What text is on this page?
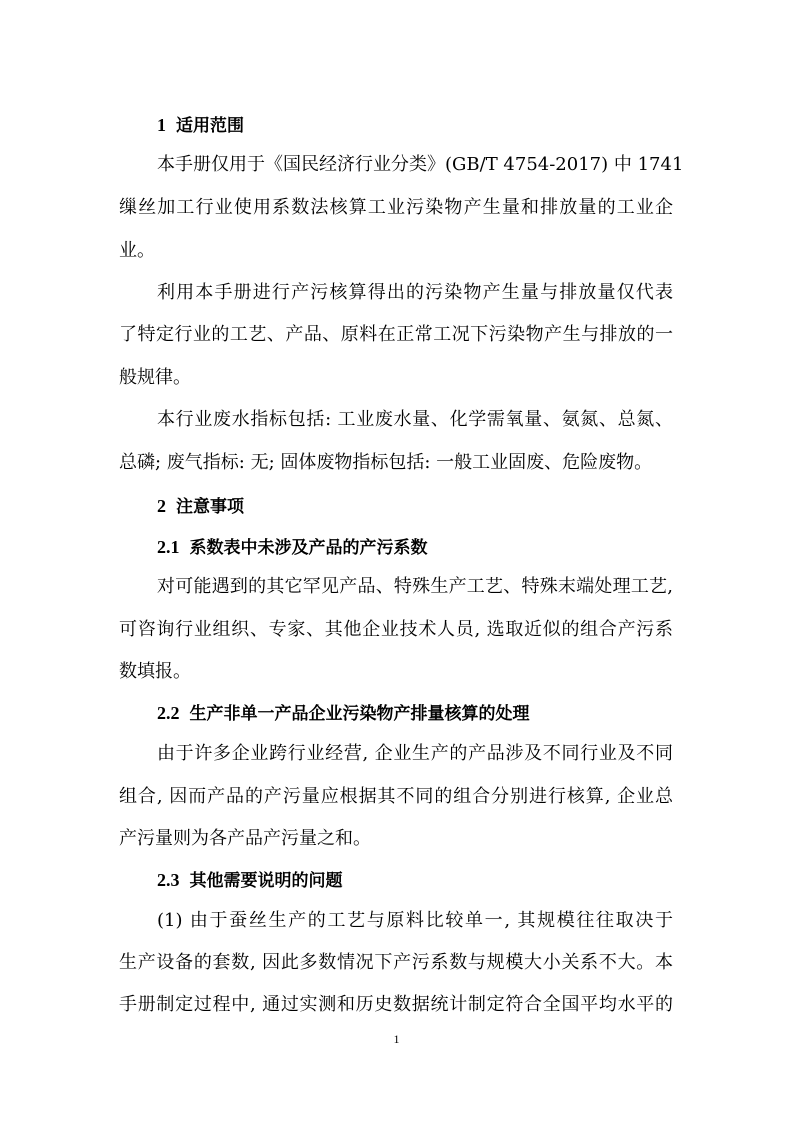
1 适用范围
本手册仅用于《国民经济行业分类》(GB/T 4754-2017) 中 1741
缫丝加工行业使用系数法核算工业污染物产生量和排放量的工业企
业。
利用本手册进行产污核算得出的污染物产生量与排放量仅代表
了特定行业的工艺、产品、原料在正常工况下污染物产生与排放的一
般规律。
本行业废水指标包括: 工业废水量、化学需氧量、氨氮、总氮、
总磷; 废气指标: 无; 固体废物指标包括: 一般工业固废、危险废物。
2 注意事项
2.1 系数表中未涉及产品的产污系数
对可能遇到的其它罕见产品、特殊生产工艺、特殊末端处理工艺,
可咨询行业组织、专家、其他企业技术人员, 选取近似的组合产污系
数填报。
2.2 生产非单一产品企业污染物产排量核算的处理
由于许多企业跨行业经营, 企业生产的产品涉及不同行业及不同
组合, 因而产品的产污量应根据其不同的组合分别进行核算, 企业总
产污量则为各产品产污量之和。
2.3 其他需要说明的问题
(1) 由于蚕丝生产的工艺与原料比较单一, 其规模往往取决于
生产设备的套数, 因此多数情况下产污系数与规模大小关系不大。本
手册制定过程中, 通过实测和历史数据统计制定符合全国平均水平的
1
